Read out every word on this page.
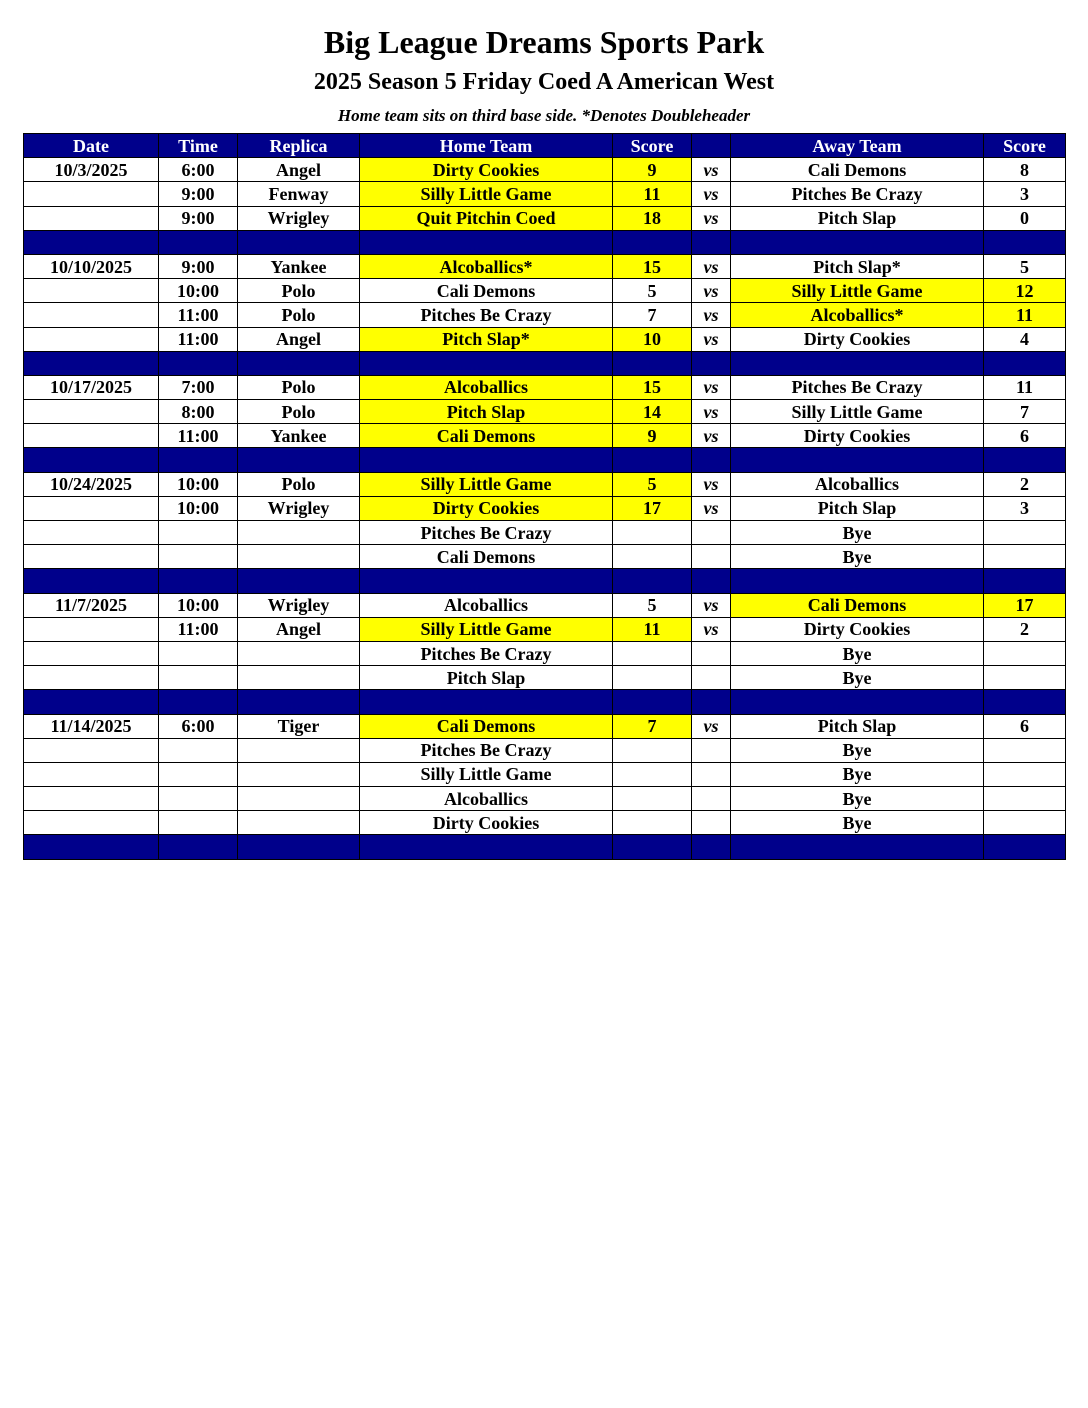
Big League Dreams Sports Park
2025 Season 5 Friday Coed A American West
Home team sits on third base side. *Denotes Doubleheader
Date	Time	Replica	Home Team	Score		Away Team	Score
10/3/2025	6:00	Angel	Dirty Cookies	9	vs	Cali Demons	8
	9:00	Fenway	Silly Little Game	11	vs	Pitches Be Crazy	3
	9:00	Wrigley	Quit Pitchin Coed	18	vs	Pitch Slap	0

10/10/2025	9:00	Yankee	Alcoballics*	15	vs	Pitch Slap*	5
	10:00	Polo	Cali Demons	5	vs	Silly Little Game	12
	11:00	Polo	Pitches Be Crazy	7	vs	Alcoballics*	11
	11:00	Angel	Pitch Slap*	10	vs	Dirty Cookies	4

10/17/2025	7:00	Polo	Alcoballics	15	vs	Pitches Be Crazy	11
	8:00	Polo	Pitch Slap	14	vs	Silly Little Game	7
	11:00	Yankee	Cali Demons	9	vs	Dirty Cookies	6

10/24/2025	10:00	Polo	Silly Little Game	5	vs	Alcoballics	2
	10:00	Wrigley	Dirty Cookies	17	vs	Pitch Slap	3
			Pitches Be Crazy			Bye	
			Cali Demons			Bye	

11/7/2025	10:00	Wrigley	Alcoballics	5	vs	Cali Demons	17
	11:00	Angel	Silly Little Game	11	vs	Dirty Cookies	2
			Pitches Be Crazy			Bye	
			Pitch Slap			Bye	

11/14/2025	6:00	Tiger	Cali Demons	7	vs	Pitch Slap	6
			Pitches Be Crazy			Bye	
			Silly Little Game			Bye	
			Alcoballics			Bye	
			Dirty Cookies			Bye	
